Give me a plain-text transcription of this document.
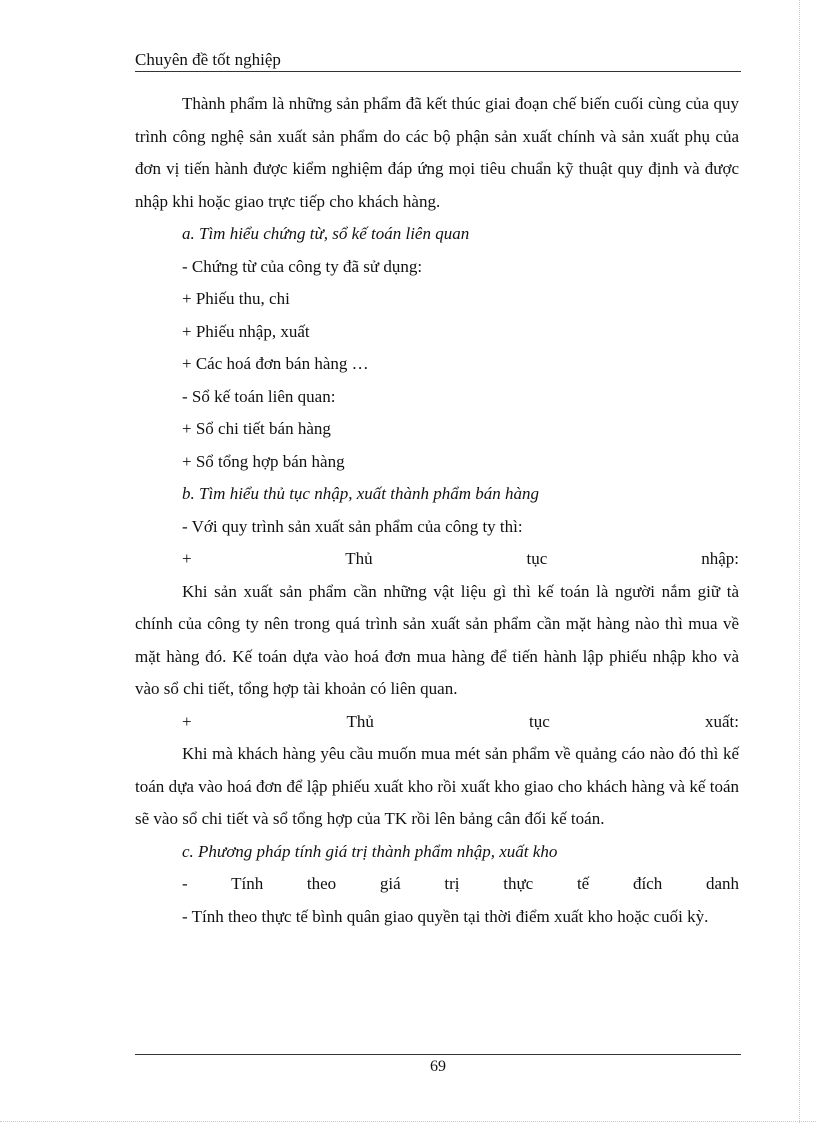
Chuyên đề tốt nghiệp

Thành phẩm là những sản phẩm đã kết thúc giai đoạn chế biến cuối cùng của quy trình công nghệ sản xuất sản phẩm do các bộ phận sản xuất chính và sản xuất phụ của đơn vị tiến hành được kiểm nghiệm đáp ứng mọi tiêu chuẩn kỹ thuật quy định và được nhập khi hoặc giao trực tiếp cho khách hàng.

a. Tìm hiểu chứng từ, sổ kế toán liên quan

- Chứng từ của công ty đã sử dụng:

+ Phiếu thu, chi

+ Phiếu nhập, xuất

+ Các hoá đơn bán hàng …

- Sổ kế toán liên quan:

+ Sổ chi tiết bán hàng

+ Sổ tổng hợp bán hàng

b. Tìm hiểu thủ tục nhập, xuất thành phẩm bán hàng

- Với quy trình sản xuất sản phẩm của công ty thì:

+ Thủ tục nhập:

Khi sản xuất sản phẩm cần những vật liệu gì thì kế toán là người nắm giữ tà chính của công ty nên trong quá trình sản xuất sản phẩm cần mặt hàng nào thì mua về mặt hàng đó. Kế toán dựa vào hoá đơn mua hàng để tiến hành lập phiếu nhập kho và vào sổ chi tiết, tổng hợp tài khoản có liên quan.

+ Thủ tục xuất:

Khi mà khách hàng yêu cầu muốn mua mét sản phẩm về quảng cáo nào đó thì kế toán dựa vào hoá đơn để lập phiếu xuất kho rồi xuất kho giao cho khách hàng và kế toán sẽ vào sổ chi tiết và sổ tổng hợp của TK rồi lên bảng cân đối kế toán.

c. Phương pháp tính giá trị thành phẩm nhập, xuất kho

- Tính theo giá trị thực tế đích danh

- Tính theo thực tế bình quân giao quyền tại thời điểm xuất kho hoặc cuối kỳ.

69
